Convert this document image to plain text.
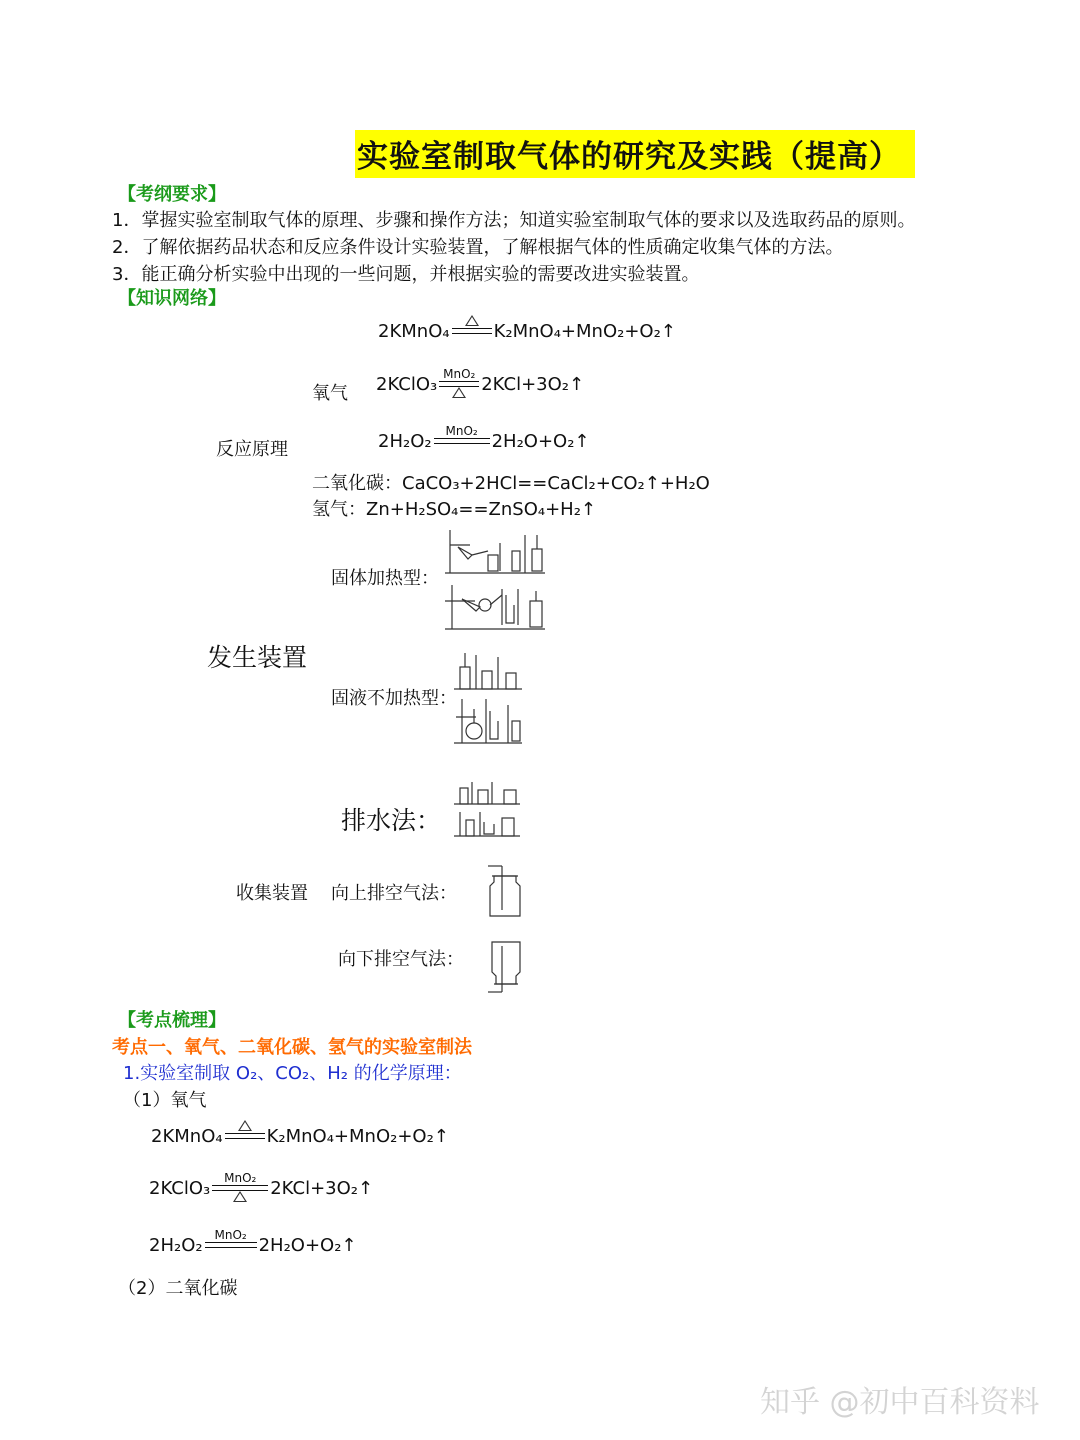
实验室制取气体的研究及实践（提高）
【考纲要求】
1．掌握实验室制取气体的原理、步骤和操作方法；知道实验室制取气体的要求以及选取药品的原则。
2．了解依据药品状态和反应条件设计实验装置，了解根据气体的性质确定收集气体的方法。
3．能正确分析实验中出现的一些问题，并根据实验的需要改进实验装置。
【知识网络】
2KMnO₄ K₂MnO₄+MnO₂+O₂↑
氧气 2KClO₃ MnO₂ 2KCl+3O₂↑
反应原理	2H₂O₂ MnO₂ 2H₂O+O₂↑
二氧化碳：CaCO₃+2HCl==CaCl₂+CO₂↑+H₂O
氢气：Zn+H₂SO₄==ZnSO₄+H₂↑
固体加热型：
发生装置
固液不加热型：
排水法：
收集装置 向上排空气法：
向下排空气法：
【考点梳理】
考点一、氧气、二氧化碳、氢气的实验室制法
1.实验室制取 O₂、CO₂、H₂ 的化学原理：
（1）氧气
2KMnO₄ K₂MnO₄+MnO₂+O₂↑
2KClO₃ MnO₂ 2KCl+3O₂↑
2H₂O₂ MnO₂ 2H₂O+O₂↑
（2）二氧化碳
知乎 @初中百科资料
